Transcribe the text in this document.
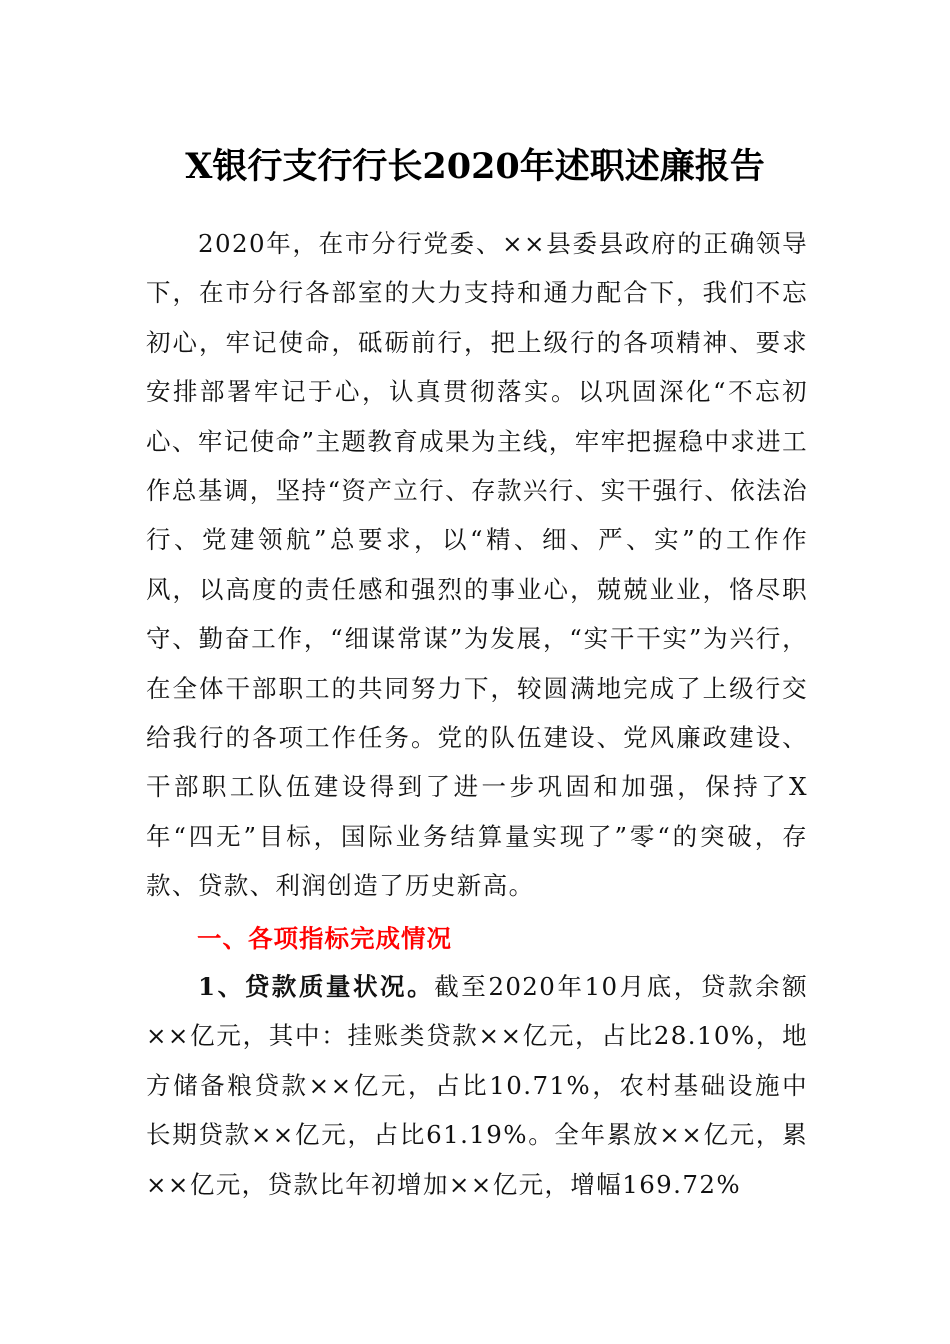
X银行支行行长2020年述职述廉报告

2020年，在市分行党委、××县委县政府的正确领导下，在市分行各部室的大力支持和通力配合下，我们不忘初心，牢记使命，砥砺前行，把上级行的各项精神、要求安排部署牢记于心，认真贯彻落实。以巩固深化“不忘初心、牢记使命”主题教育成果为主线，牢牢把握稳中求进工作总基调，坚持“资产立行、存款兴行、实干强行、依法治行、党建领航”总要求，以“精、细、严、实”的工作作风，以高度的责任感和强烈的事业心，兢兢业业，恪尽职守、勤奋工作，“细谋常谋”为发展，“实干干实”为兴行，在全体干部职工的共同努力下，较圆满地完成了上级行交给我行的各项工作任务。党的队伍建设、党风廉政建设、干部职工队伍建设得到了进一步巩固和加强，保持了X年“四无”目标，国际业务结算量实现了”零“的突破，存款、贷款、利润创造了历史新高。

一、各项指标完成情况

1、贷款质量状况。截至2020年10月底，贷款余额××亿元，其中：挂账类贷款××亿元，占比28.10%，地方储备粮贷款××亿元，占比10.71%，农村基础设施中长期贷款××亿元，占比61.19%。全年累放××亿元，累××亿元，贷款比年初增加××亿元，增幅169.72%
